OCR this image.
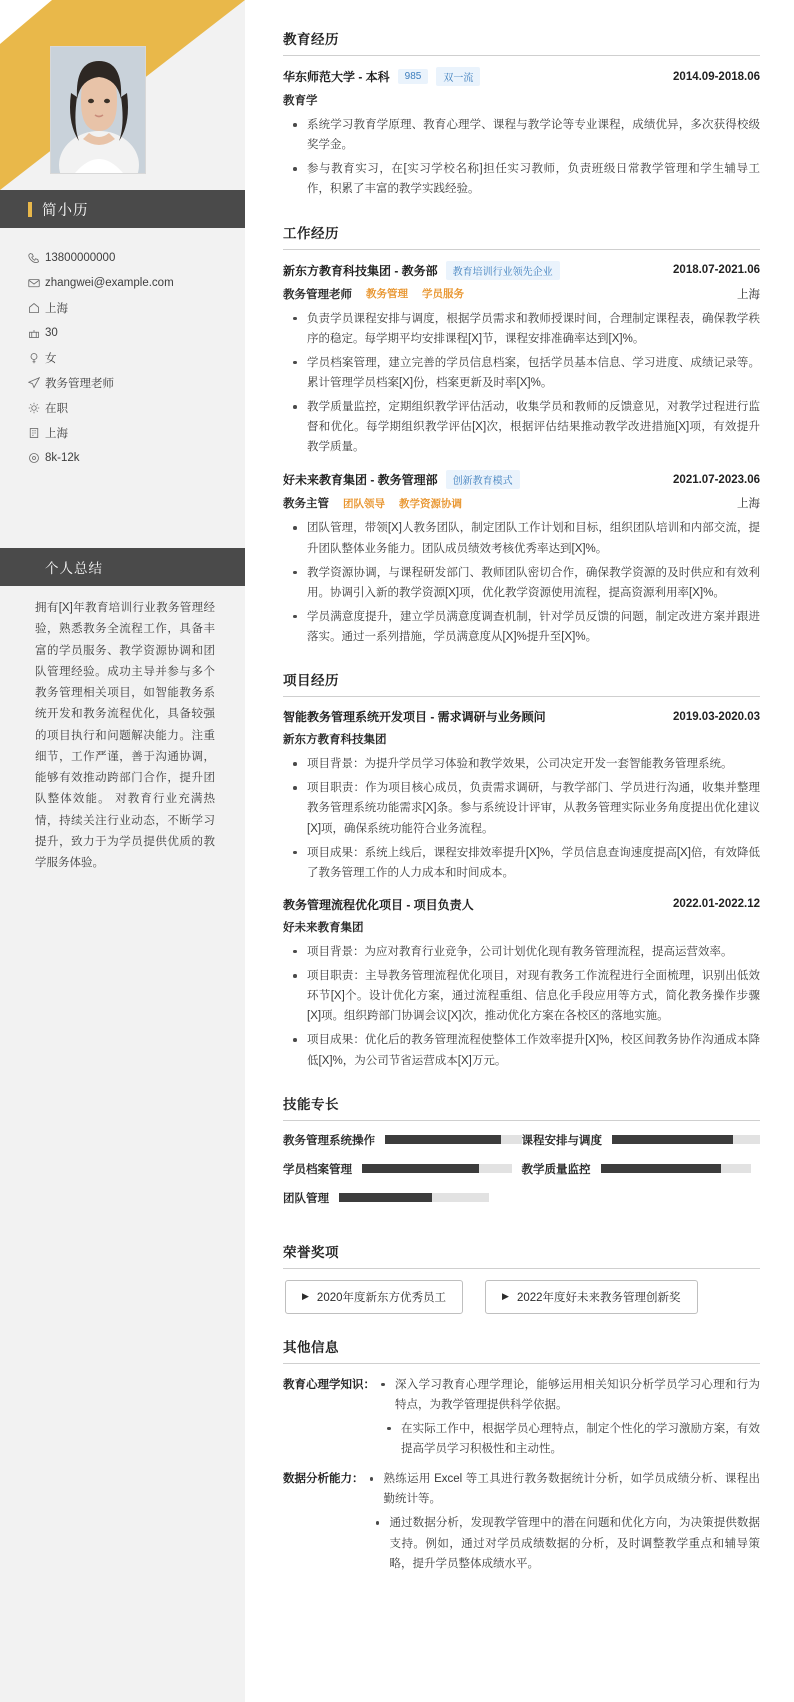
简小历
13800000000
zhangwei@example.com
上海
30
女
教务管理老师
在职
上海
8k-12k
个人总结
拥有[X]年教育培训行业教务管理经验，熟悉教务全流程工作，具备丰富的学员服务、教学资源协调和团队管理经验。成功主导并参与多个教务管理相关项目，如智能教务系统开发和教务流程优化，具备较强的项目执行和问题解决能力。注重细节，工作严谨，善于沟通协调，能够有效推动跨部门合作，提升团队整体效能。 对教育行业充满热情，持续关注行业动态，不断学习提升，致力于为学员提供优质的教学服务体验。
教育经历
华东师范大学 - 本科	985	双一流	2014.09-2018.06
教育学
系统学习教育学原理、教育心理学、课程与教学论等专业课程，成绩优异，多次获得校级奖学金。
参与教育实习，在[实习学校名称]担任实习教师，负责班级日常教学管理和学生辅导工作，积累了丰富的教学实践经验。
工作经历
新东方教育科技集团 - 教务部	教育培训行业领先企业	2018.07-2021.06
教务管理老师 教务管理 学员服务	上海
负责学员课程安排与调度，根据学员需求和教师授课时间，合理制定课程表，确保教学秩序的稳定。每学期平均安排课程[X]节，课程安排准确率达到[X]%。
学员档案管理，建立完善的学员信息档案，包括学员基本信息、学习进度、成绩记录等。累计管理学员档案[X]份，档案更新及时率[X]%。
教学质量监控，定期组织教学评估活动，收集学员和教师的反馈意见，对教学过程进行监督和优化。每学期组织教学评估[X]次，根据评估结果推动教学改进措施[X]项，有效提升教学质量。
好未来教育集团 - 教务管理部	创新教育模式	2021.07-2023.06
教务主管 团队领导 教学资源协调	上海
团队管理，带领[X]人教务团队，制定团队工作计划和目标，组织团队培训和内部交流，提升团队整体业务能力。团队成员绩效考核优秀率达到[X]%。
教学资源协调，与课程研发部门、教师团队密切合作，确保教学资源的及时供应和有效利用。协调引入新的教学资源[X]项，优化教学资源使用流程，提高资源利用率[X]%。
学员满意度提升，建立学员满意度调查机制，针对学员反馈的问题，制定改进方案并跟进落实。通过一系列措施，学员满意度从[X]%提升至[X]%。
项目经历
智能教务管理系统开发项目 - 需求调研与业务顾问	2019.03-2020.03
新东方教育科技集团
项目背景：为提升学员学习体验和教学效果，公司决定开发一套智能教务管理系统。
项目职责：作为项目核心成员，负责需求调研，与教学部门、学员进行沟通，收集并整理教务管理系统功能需求[X]条。参与系统设计评审，从教务管理实际业务角度提出优化建议[X]项，确保系统功能符合业务流程。
项目成果：系统上线后，课程安排效率提升[X]%，学员信息查询速度提高[X]倍，有效降低了教务管理工作的人力成本和时间成本。
教务管理流程优化项目 - 项目负责人	2022.01-2022.12
好未来教育集团
项目背景：为应对教育行业竞争，公司计划优化现有教务管理流程，提高运营效率。
项目职责：主导教务管理流程优化项目，对现有教务工作流程进行全面梳理，识别出低效环节[X]个。设计优化方案，通过流程重组、信息化手段应用等方式，简化教务操作步骤[X]项。组织跨部门协调会议[X]次，推动优化方案在各校区的落地实施。
项目成果：优化后的教务管理流程使整体工作效率提升[X]%，校区间教务协作沟通成本降低[X]%，为公司节省运营成本[X]万元。
技能专长
教务管理系统操作	课程安排与调度
学员档案管理	教学质量监控
团队管理
荣誉奖项
▶ 2020年度新东方优秀员工	▶ 2022年度好未来教务管理创新奖
其他信息
教育心理学知识：	深入学习教育心理学理论，能够运用相关知识分析学员学习心理和行为特点，为教学管理提供科学依据。
在实际工作中，根据学员心理特点，制定个性化的学习激励方案，有效提高学员学习积极性和主动性。
数据分析能力：	熟练运用 Excel 等工具进行教务数据统计分析，如学员成绩分析、课程出勤统计等。
通过数据分析，发现教学管理中的潜在问题和优化方向，为决策提供数据支持。例如，通过对学员成绩数据的分析，及时调整教学重点和辅导策略，提升学员整体成绩水平。
